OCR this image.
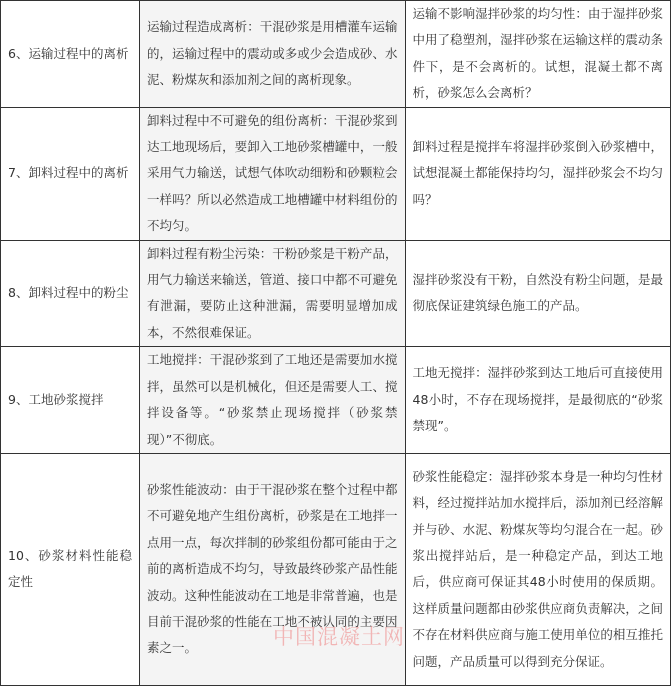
6、运输过程中的离析	运输过程造成离析：干混砂浆是用槽灌车运输的，运输过程中的震动或多或少会造成砂、水泥、粉煤灰和添加剂之间的离析现象。	运输不影响湿拌砂浆的均匀性：由于湿拌砂浆中用了稳塑剂，湿拌砂浆在运输这样的震动条件下，是不会离析的。试想，混凝土都不离析，砂浆怎么会离析？

7、卸料过程中的离析	卸料过程中不可避免的组份离析：干混砂浆到达工地现场后，要卸入工地砂浆槽罐中，一般采用气力输送，试想气体吹动细粉和砂颗粒会一样吗？所以必然造成工地槽罐中材料组份的不均匀。	卸料过程是搅拌车将湿拌砂浆倒入砂浆槽中，试想混凝土都能保持均匀，湿拌砂浆会不均匀吗？

8、卸料过程中的粉尘	卸料过程有粉尘污染：干粉砂浆是干粉产品，用气力输送来输送，管道、接口中都不可避免有泄漏，要防止这种泄漏，需要明显增加成本，不然很难保证。	湿拌砂浆没有干粉，自然没有粉尘问题，是最彻底保证建筑绿色施工的产品。

9、工地砂浆搅拌	工地搅拌：干混砂浆到了工地还是需要加水搅拌，虽然可以是机械化，但还是需要人工、搅拌设备等。“砂浆禁止现场搅拌（砂浆禁现）”不彻底。	工地无搅拌：湿拌砂浆到达工地后可直接使用48小时，不存在现场搅拌，是最彻底的“砂浆禁现”。

10、砂浆材料性能稳定性	砂浆性能波动：由于干混砂浆在整个过程中都不可避免地产生组份离析，砂浆是在工地拌一点用一点，每次拌制的砂浆组份都可能由于之前的离析造成不均匀，导致最终砂浆产品性能波动。这种性能波动在工地是非常普遍，也是目前干混砂浆的性能在工地不被认同的主要因素之一。	砂浆性能稳定：湿拌砂浆本身是一种均匀性材料，经过搅拌站加水搅拌后，添加剂已经溶解并与砂、水泥、粉煤灰等均匀混合在一起。砂浆出搅拌站后，是一种稳定产品，到达工地后，供应商可保证其48小时使用的保质期。这样质量问题都由砂浆供应商负责解决，之间不存在材料供应商与施工使用单位的相互推托问题，产品质量可以得到充分保证。
中国混凝土网
